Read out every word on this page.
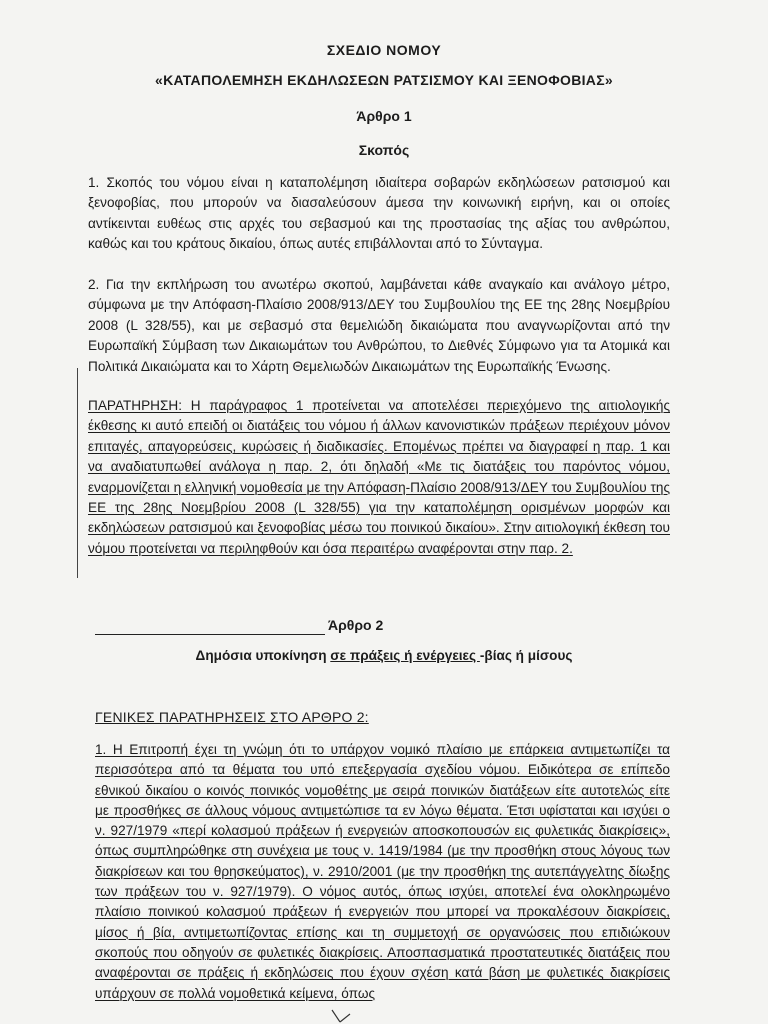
ΣΧΕΔΙΟ ΝΟΜΟΥ
«ΚΑΤΑΠΟΛΕΜΗΣΗ ΕΚΔΗΛΩΣΕΩΝ ΡΑΤΣΙΣΜΟΥ ΚΑΙ ΞΕΝΟΦΟΒΙΑΣ»
Άρθρο 1
Σκοπός

1. Σκοπός του νόμου είναι η καταπολέμηση ιδιαίτερα σοβαρών εκδηλώσεων ρατσισμού και ξενοφοβίας, που μπορούν να διασαλεύσουν άμεσα την κοινωνική ειρήνη, και οι οποίες αντίκεινται ευθέως στις αρχές του σεβασμού και της προστασίας της αξίας του ανθρώπου, καθώς και του κράτους δικαίου, όπως αυτές επιβάλλονται από το Σύνταγμα.

2. Για την εκπλήρωση του ανωτέρω σκοπού, λαμβάνεται κάθε αναγκαίο και ανάλογο μέτρο, σύμφωνα με την Απόφαση-Πλαίσιο 2008/913/ΔΕΥ του Συμβουλίου της ΕΕ της 28ης Νοεμβρίου 2008 (L 328/55), και με σεβασμό στα θεμελιώδη δικαιώματα που αναγνωρίζονται από την Ευρωπαϊκή Σύμβαση των Δικαιωμάτων του Ανθρώπου, το Διεθνές Σύμφωνο για τα Ατομικά και Πολιτικά Δικαιώματα και το Χάρτη Θεμελιωδών Δικαιωμάτων της Ευρωπαϊκής Ένωσης.

ΠΑΡΑΤΗΡΗΣΗ: Η παράγραφος 1 προτείνεται να αποτελέσει περιεχόμενο της αιτιολογικής έκθεσης κι αυτό επειδή οι διατάξεις του νόμου ή άλλων κανονιστικών πράξεων περιέχουν μόνον επιταγές, απαγορεύσεις, κυρώσεις ή διαδικασίες. Επομένως πρέπει να διαγραφεί η παρ. 1 και να αναδιατυπωθεί ανάλογα η παρ. 2, ότι δηλαδή «Με τις διατάξεις του παρόντος νόμου, εναρμονίζεται η ελληνική νομοθεσία με την Απόφαση-Πλαίσιο 2008/913/ΔΕΥ του Συμβουλίου της ΕΕ της 28ης Νοεμβρίου 2008 (L 328/55) για την καταπολέμηση ορισμένων μορφών και εκδηλώσεων ρατσισμού και ξενοφοβίας μέσω του ποινικού δικαίου». Στην αιτιολογική έκθεση του νόμου προτείνεται να περιληφθούν και όσα περαιτέρω αναφέρονται στην παρ. 2.

Άρθρο 2
Δημόσια υποκίνηση σε πράξεις ή ενέργειες -βίας ή μίσους
ΓΕΝΙΚΕΣ ΠΑΡΑΤΗΡΗΣΕΙΣ ΣΤΟ ΑΡΘΡΟ 2:

1. Η Επιτροπή έχει τη γνώμη ότι το υπάρχον νομικό πλαίσιο με επάρκεια αντιμετωπίζει τα περισσότερα από τα θέματα του υπό επεξεργασία σχεδίου νόμου. Ειδικότερα σε επίπεδο εθνικού δικαίου ο κοινός ποινικός νομοθέτης με σειρά ποινικών διατάξεων είτε αυτοτελώς είτε με προσθήκες σε άλλους νόμους αντιμετώπισε τα εν λόγω θέματα. Έτσι υφίσταται και ισχύει ο ν. 927/1979 «περί κολασμού πράξεων ή ενεργειών αποσκοπουσών εις φυλετικάς διακρίσεις», όπως συμπληρώθηκε στη συνέχεια με τους ν. 1419/1984 (με την προσθήκη στους λόγους των διακρίσεων και του θρησκεύματος), ν. 2910/2001 (με την προσθήκη της αυτεπάγγελτης δίωξης των πράξεων του ν. 927/1979). Ο νόμος αυτός, όπως ισχύει, αποτελεί ένα ολοκληρωμένο πλαίσιο ποινικού κολασμού πράξεων ή ενεργειών που μπορεί να προκαλέσουν διακρίσεις, μίσος ή βία, αντιμετωπίζοντας επίσης και τη συμμετοχή σε οργανώσεις που επιδιώκουν σκοπούς που οδηγούν σε φυλετικές διακρίσεις. Αποσπασματικά προστατευτικές διατάξεις που αναφέρονται σε πράξεις ή εκδηλώσεις που έχουν σχέση κατά βάση με φυλετικές διακρίσεις υπάρχουν σε πολλά νομοθετικά κείμενα, όπως
